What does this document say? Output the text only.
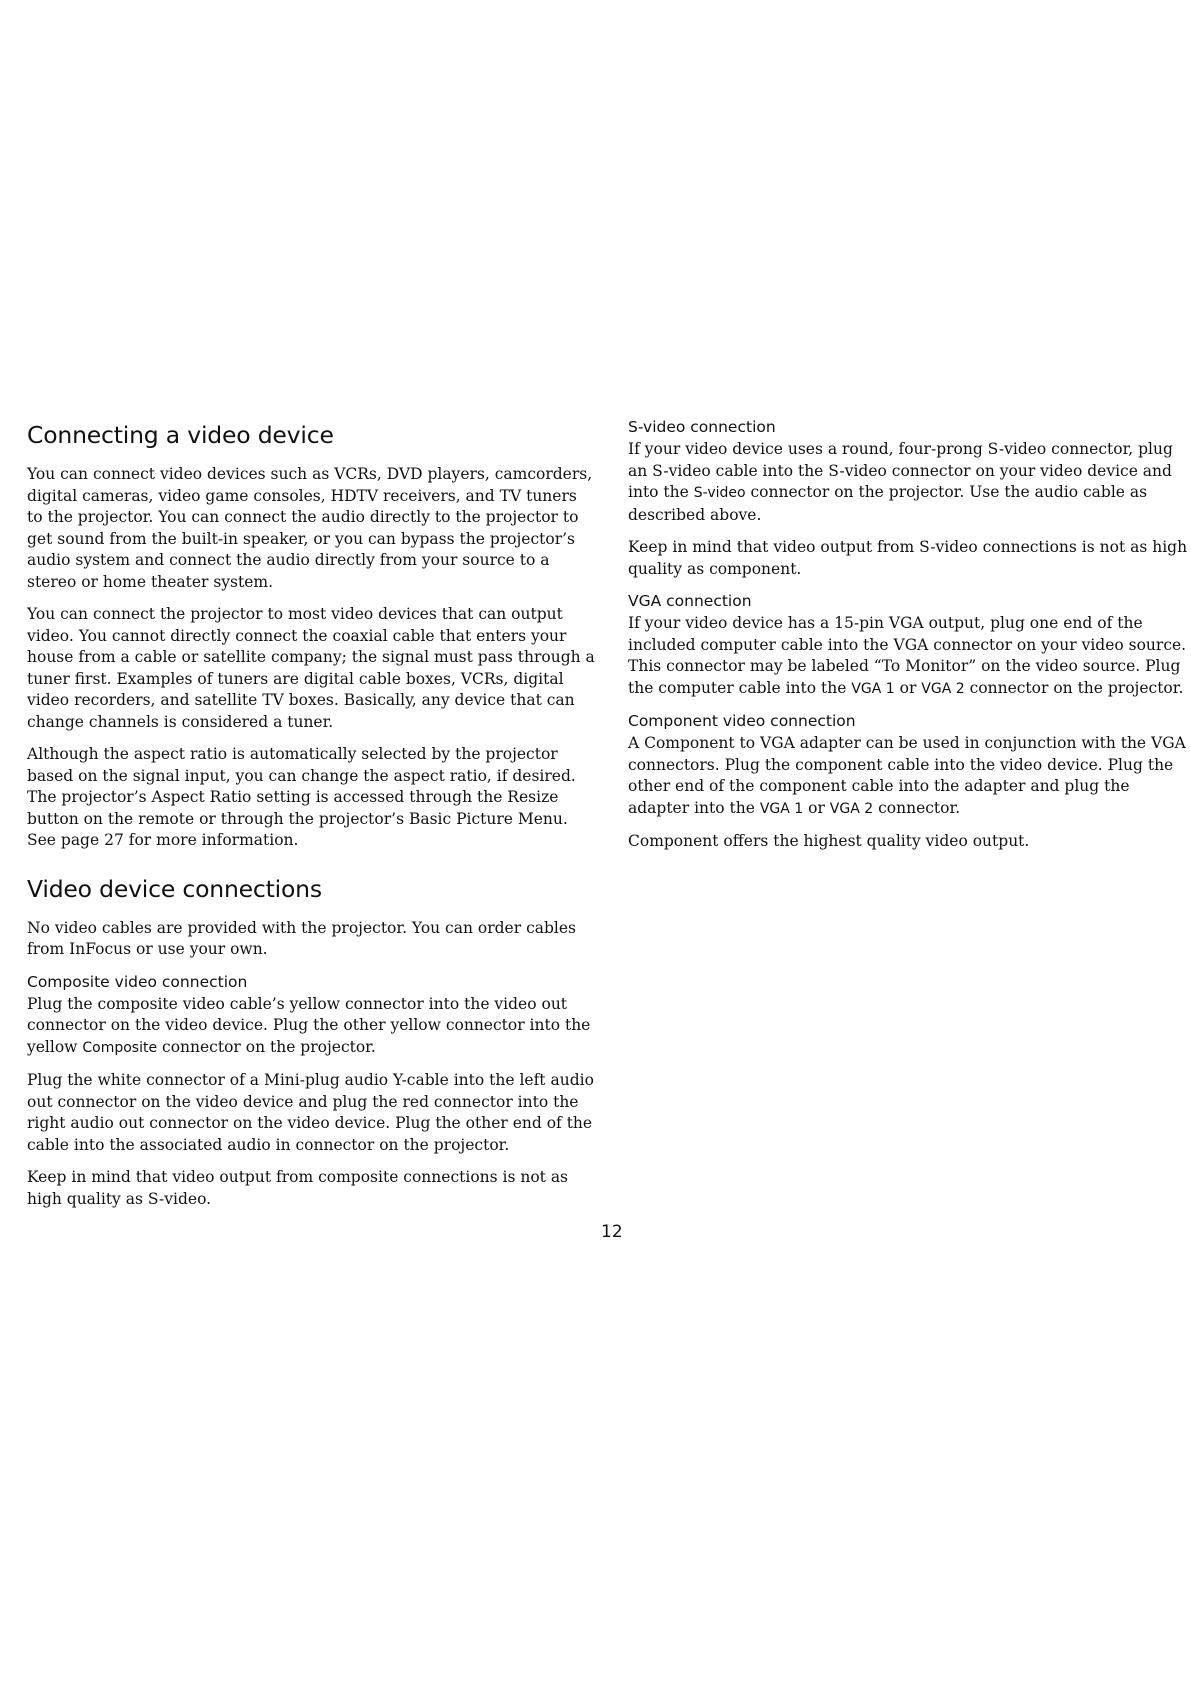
Connecting a video device

You can connect video devices such as VCRs, DVD players, camcorders, digital cameras, video game consoles, HDTV receivers, and TV tuners to the projector. You can connect the audio directly to the projector to get sound from the built-in speaker, or you can bypass the projector’s audio system and connect the audio directly from your source to a stereo or home theater system.

You can connect the projector to most video devices that can output video. You cannot directly connect the coaxial cable that enters your house from a cable or satellite company; the signal must pass through a tuner first. Examples of tuners are digital cable boxes, VCRs, digital video recorders, and satellite TV boxes. Basically, any device that can change channels is considered a tuner.

Although the aspect ratio is automatically selected by the projector based on the signal input, you can change the aspect ratio, if desired. The projector’s Aspect Ratio setting is accessed through the Resize button on the remote or through the projector’s Basic Picture Menu. See page 27 for more information.

Video device connections

No video cables are provided with the projector. You can order cables from InFocus or use your own.

Composite video connection

Plug the composite video cable’s yellow connector into the video out connector on the video device. Plug the other yellow connector into the yellow Composite connector on the projector.

Plug the white connector of a Mini-plug audio Y-cable into the left audio out connector on the video device and plug the red connector into the right audio out connector on the video device. Plug the other end of the cable into the associated audio in connector on the projector.

Keep in mind that video output from composite connections is not as high quality as S-video.

S-video connection

If your video device uses a round, four-prong S-video connector, plug an S-video cable into the S-video connector on your video device and into the S-video connector on the projector. Use the audio cable as described above.

Keep in mind that video output from S-video connections is not as high quality as component.

VGA connection

If your video device has a 15-pin VGA output, plug one end of the included computer cable into the VGA connector on your video source. This connector may be labeled “To Monitor” on the video source. Plug the computer cable into the VGA 1 or VGA 2 connector on the projector.

Component video connection

A Component to VGA adapter can be used in conjunction with the VGA connectors. Plug the component cable into the video device. Plug the other end of the component cable into the adapter and plug the adapter into the VGA 1 or VGA 2 connector.

Component offers the highest quality video output.

12
